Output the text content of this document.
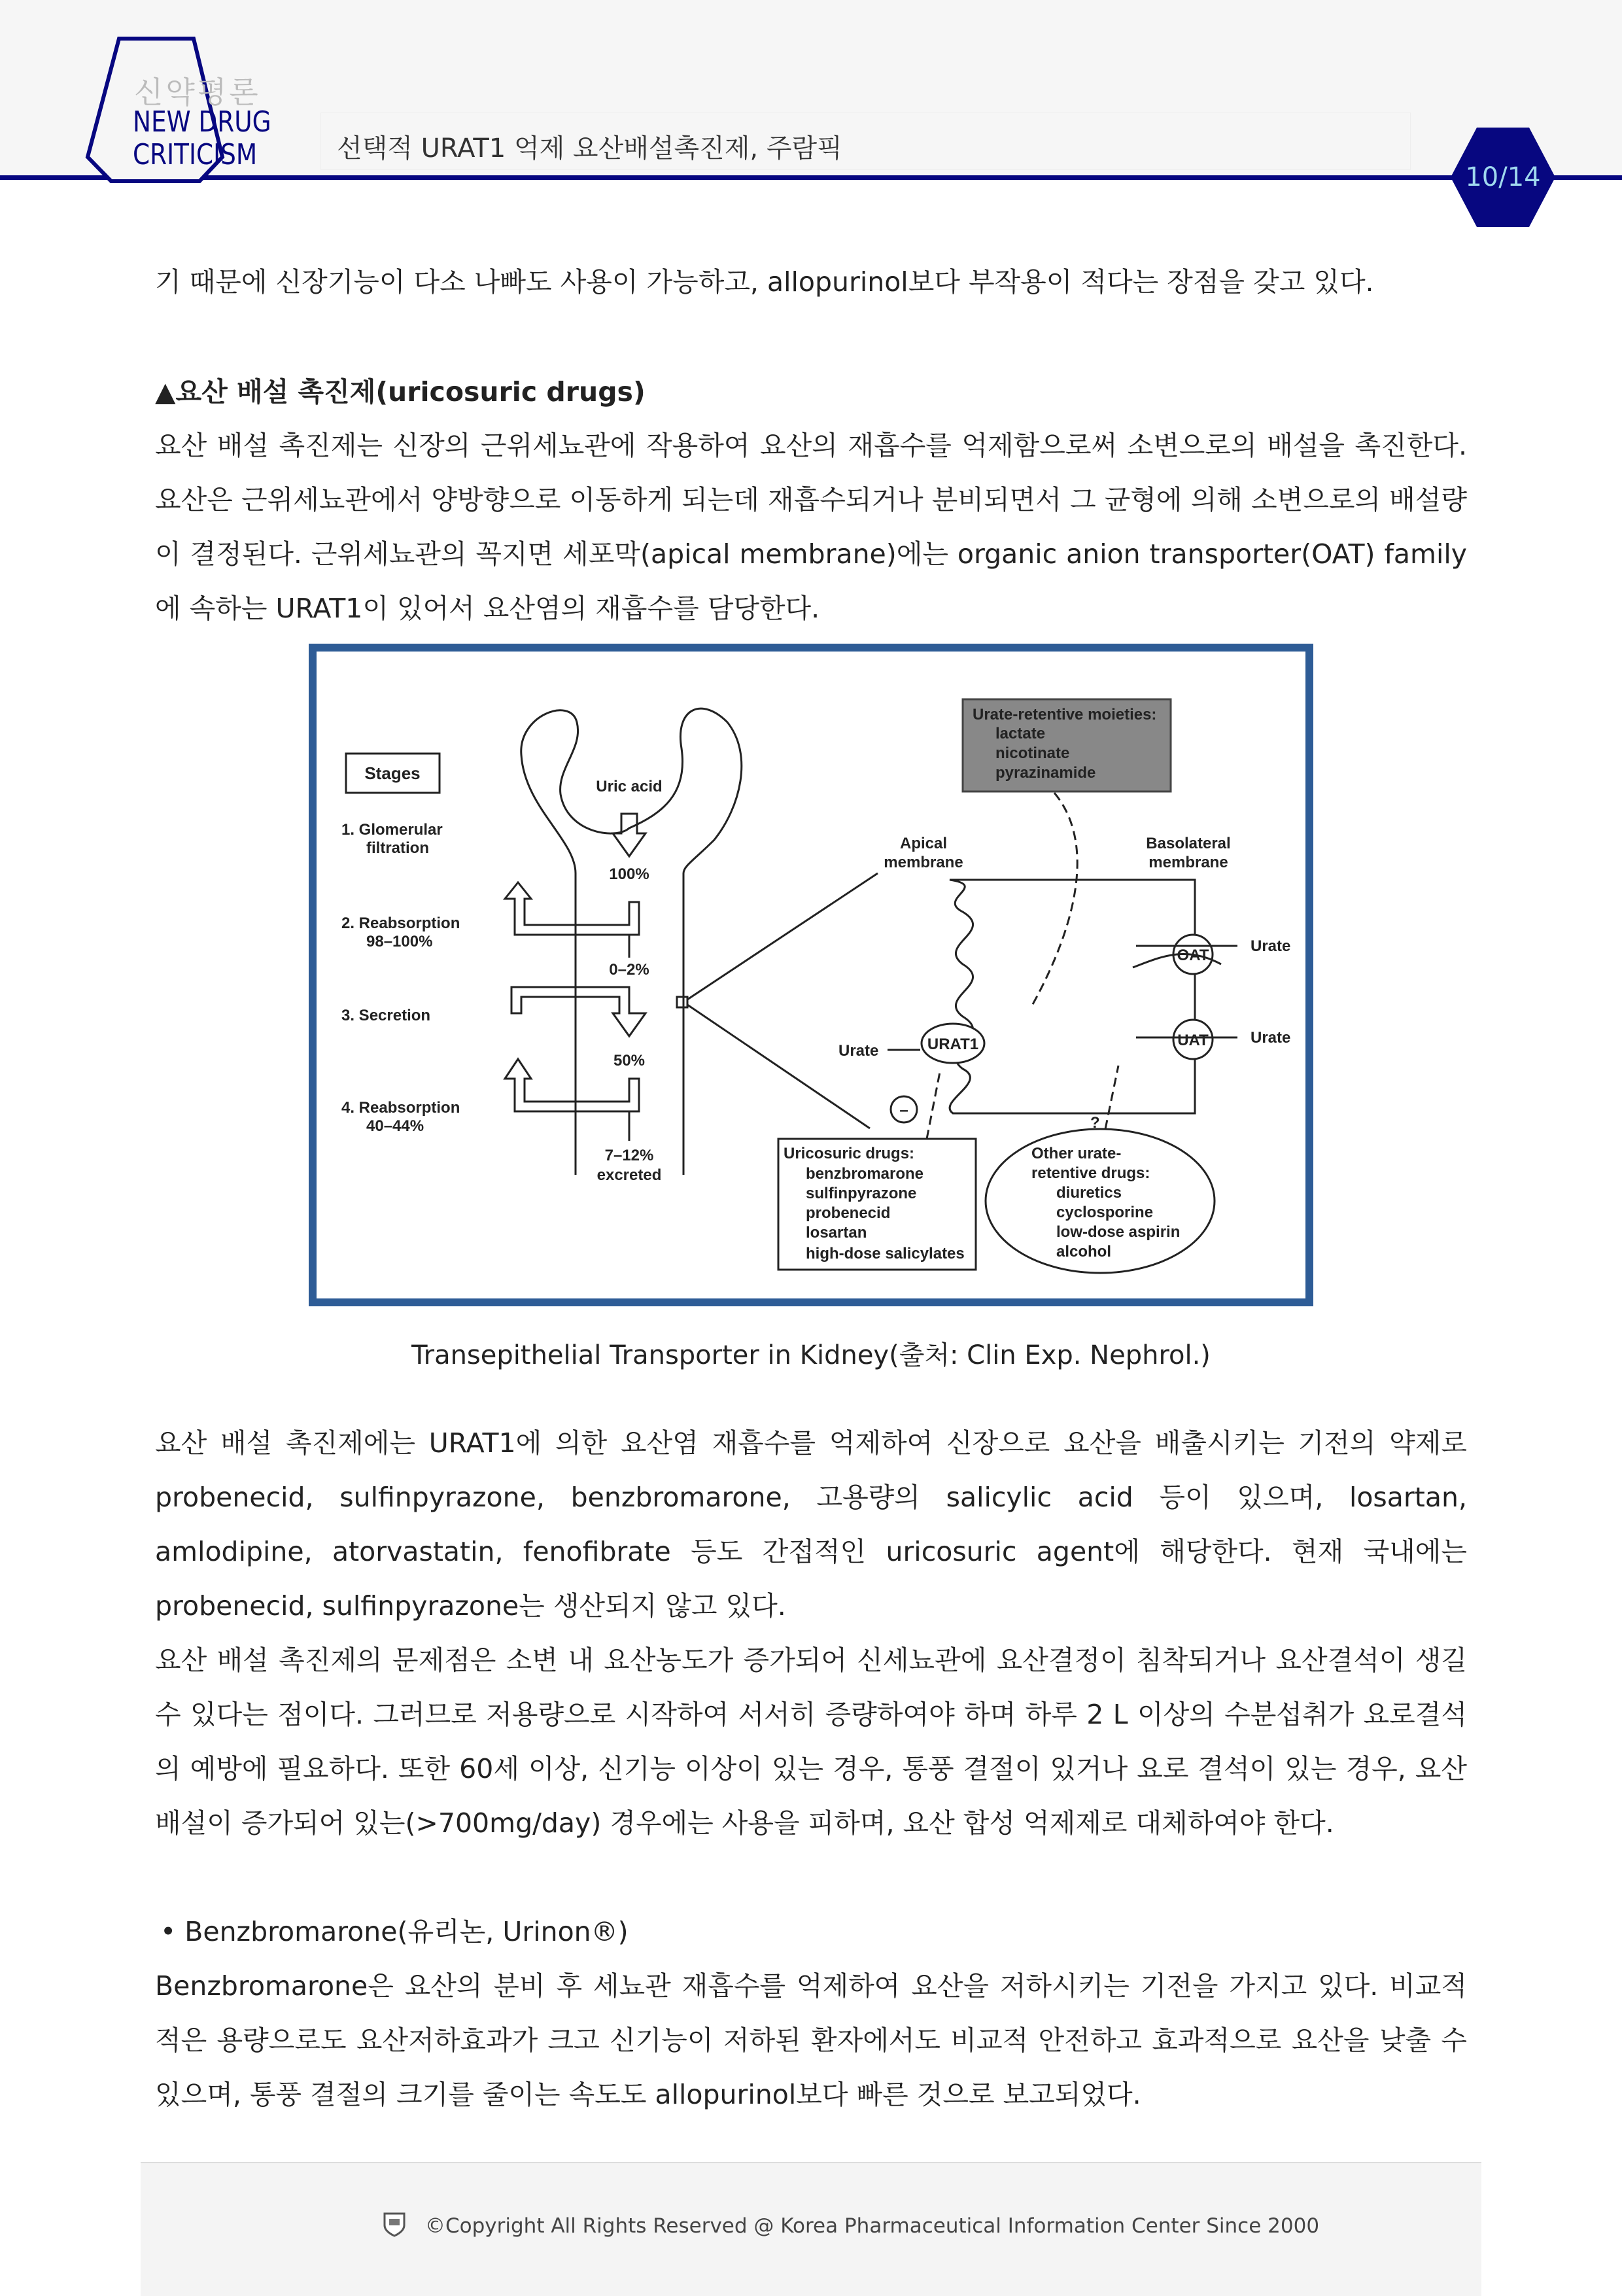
선택적 URAT1 억제 요산배설촉진제, 주람픽
신약평론
NEW DRUG
CRITICISM
10/14
기 때문에 신장기능이 다소 나빠도 사용이 가능하고, allopurinol보다 부작용이 적다는 장점을 갖고 있다.
▲요산 배설 촉진제(uricosuric drugs)
요산 배설 촉진제는 신장의 근위세뇨관에 작용하여 요산의 재흡수를 억제함으로써 소변으로의 배설을 촉진한다. 요산은 근위세뇨관에서 양방향으로 이동하게 되는데 재흡수되거나 분비되면서 그 균형에 의해 소변으로의 배설량이 결정된다. 근위세뇨관의 꼭지면 세포막(apical membrane)에는 organic anion transporter(OAT) family에 속하는 URAT1이 있어서 요산염의 재흡수를 담당한다.
Stages
1. Glomerular
filtration
2. Reabsorption
98–100%
3. Secretion
4. Reabsorption
40–44%
Uric acid
100%
0–2%
50%
7–12%
excreted
Apical
membrane
Basolateral
membrane
Urate-retentive moieties:
lactate
nicotinate
pyrazinamide
URAT1
OAT
UAT
Urate
Urate
Urate
–
?
Uricosuric drugs:
benzbromarone
sulfinpyrazone
probenecid
losartan
high-dose salicylates
Other urate-
retentive drugs:
diuretics
cyclosporine
low-dose aspirin
alcohol
Transepithelial Transporter in Kidney(출처: Clin Exp. Nephrol.)
요산 배설 촉진제에는 URAT1에 의한 요산염 재흡수를 억제하여 신장으로 요산을 배출시키는 기전의 약제로 probenecid, sulfinpyrazone, benzbromarone, 고용량의 salicylic acid 등이 있으며, losartan, amlodipine, atorvastatin, fenofibrate 등도 간접적인 uricosuric agent에 해당한다. 현재 국내에는 probenecid, sulfinpyrazone는 생산되지 않고 있다.
요산 배설 촉진제의 문제점은 소변 내 요산농도가 증가되어 신세뇨관에 요산결정이 침착되거나 요산결석이 생길 수 있다는 점이다. 그러므로 저용량으로 시작하여 서서히 증량하여야 하며 하루 2 L 이상의 수분섭취가 요로결석의 예방에 필요하다. 또한 60세 이상, 신기능 이상이 있는 경우, 통풍 결절이 있거나 요로 결석이 있는 경우, 요산 배설이 증가되어 있는(>700mg/day) 경우에는 사용을 피하며, 요산 합성 억제제로 대체하여야 한다.
• Benzbromarone(유리논, Urinon®)
Benzbromarone은 요산의 분비 후 세뇨관 재흡수를 억제하여 요산을 저하시키는 기전을 가지고 있다. 비교적 적은 용량으로도 요산저하효과가 크고 신기능이 저하된 환자에서도 비교적 안전하고 효과적으로 요산을 낮출 수 있으며, 통풍 결절의 크기를 줄이는 속도도 allopurinol보다 빠른 것으로 보고되었다.
©Copyright All Rights Reserved @ Korea Pharmaceutical Information Center Since 2000
